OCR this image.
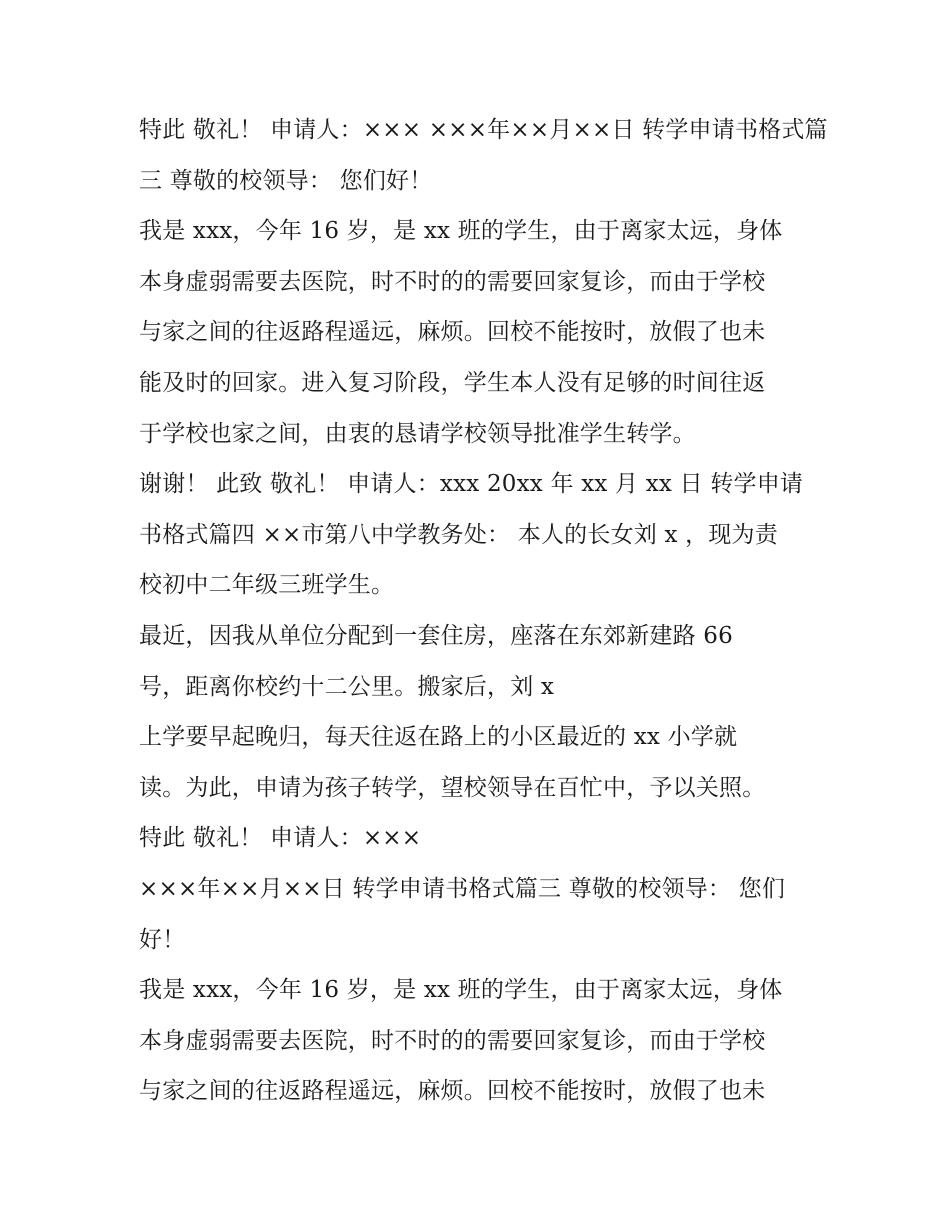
特此 敬礼！ 申请人：××× ×××年××月××日 转学申请书格式篇
三 尊敬的校领导： 您们好！
我是 xxx，今年 16 岁，是 xx 班的学生，由于离家太远，身体
本身虚弱需要去医院，时不时的的需要回家复诊，而由于学校
与家之间的往返路程遥远，麻烦。回校不能按时，放假了也未
能及时的回家。进入复习阶段，学生本人没有足够的时间往返
于学校也家之间，由衷的恳请学校领导批准学生转学。
谢谢！ 此致 敬礼！ 申请人：xxx 20xx 年 xx 月 xx 日 转学申请
书格式篇四 ××市第八中学教务处： 本人的长女刘 x ，现为责
校初中二年级三班学生。
最近，因我从单位分配到一套住房，座落在东郊新建路 66
号，距离你校约十二公里。搬家后，刘 x
上学要早起晚归，每天往返在路上的小区最近的 xx 小学就
读。为此，申请为孩子转学，望校领导在百忙中，予以关照。
特此 敬礼！ 申请人：×××
×××年××月××日 转学申请书格式篇三 尊敬的校领导： 您们
好！
我是 xxx，今年 16 岁，是 xx 班的学生，由于离家太远，身体
本身虚弱需要去医院，时不时的的需要回家复诊，而由于学校
与家之间的往返路程遥远，麻烦。回校不能按时，放假了也未
